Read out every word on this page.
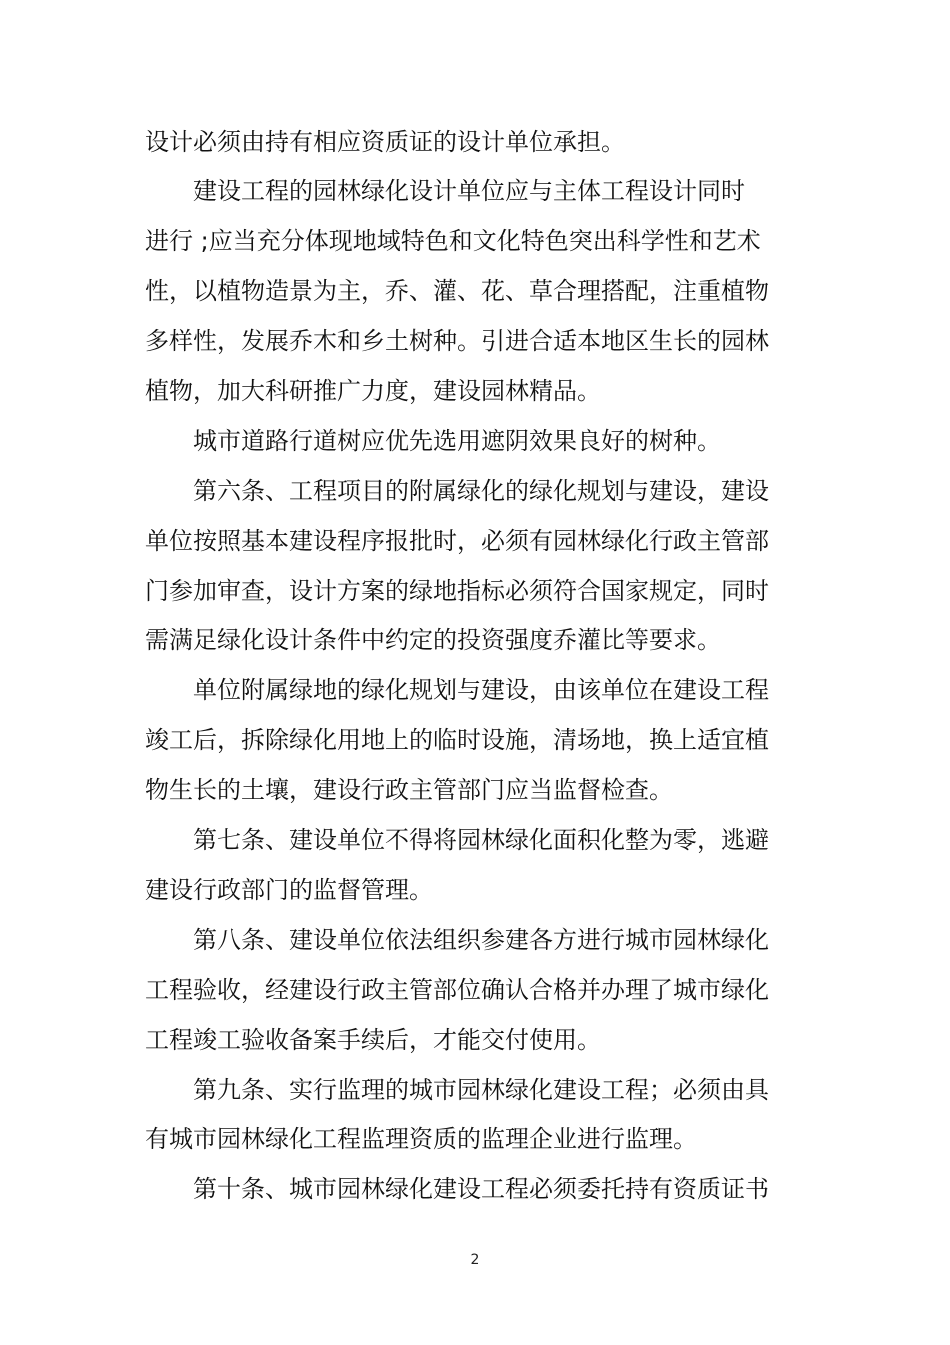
设计必须由持有相应资质证的设计单位承担。
建设工程的园林绿化设计单位应与主体工程设计同时
进行 ;应当充分体现地域特色和文化特色突出科学性和艺术
性，以植物造景为主，乔、灌、花、草合理搭配，注重植物
多样性，发展乔木和乡土树种。引进合适本地区生长的园林
植物，加大科研推广力度，建设园林精品。
城市道路行道树应优先选用遮阴效果良好的树种。
第六条、工程项目的附属绿化的绿化规划与建设，建设
单位按照基本建设程序报批时，必须有园林绿化行政主管部
门参加审查，设计方案的绿地指标必须符合国家规定，同时
需满足绿化设计条件中约定的投资强度乔灌比等要求。
单位附属绿地的绿化规划与建设，由该单位在建设工程
竣工后，拆除绿化用地上的临时设施，清场地，换上适宜植
物生长的土壤，建设行政主管部门应当监督检查。
第七条、建设单位不得将园林绿化面积化整为零，逃避
建设行政部门的监督管理。
第八条、建设单位依法组织参建各方进行城市园林绿化
工程验收，经建设行政主管部位确认合格并办理了城市绿化
工程竣工验收备案手续后，才能交付使用。
第九条、实行监理的城市园林绿化建设工程；必须由具
有城市园林绿化工程监理资质的监理企业进行监理。
第十条、城市园林绿化建设工程必须委托持有资质证书
2
